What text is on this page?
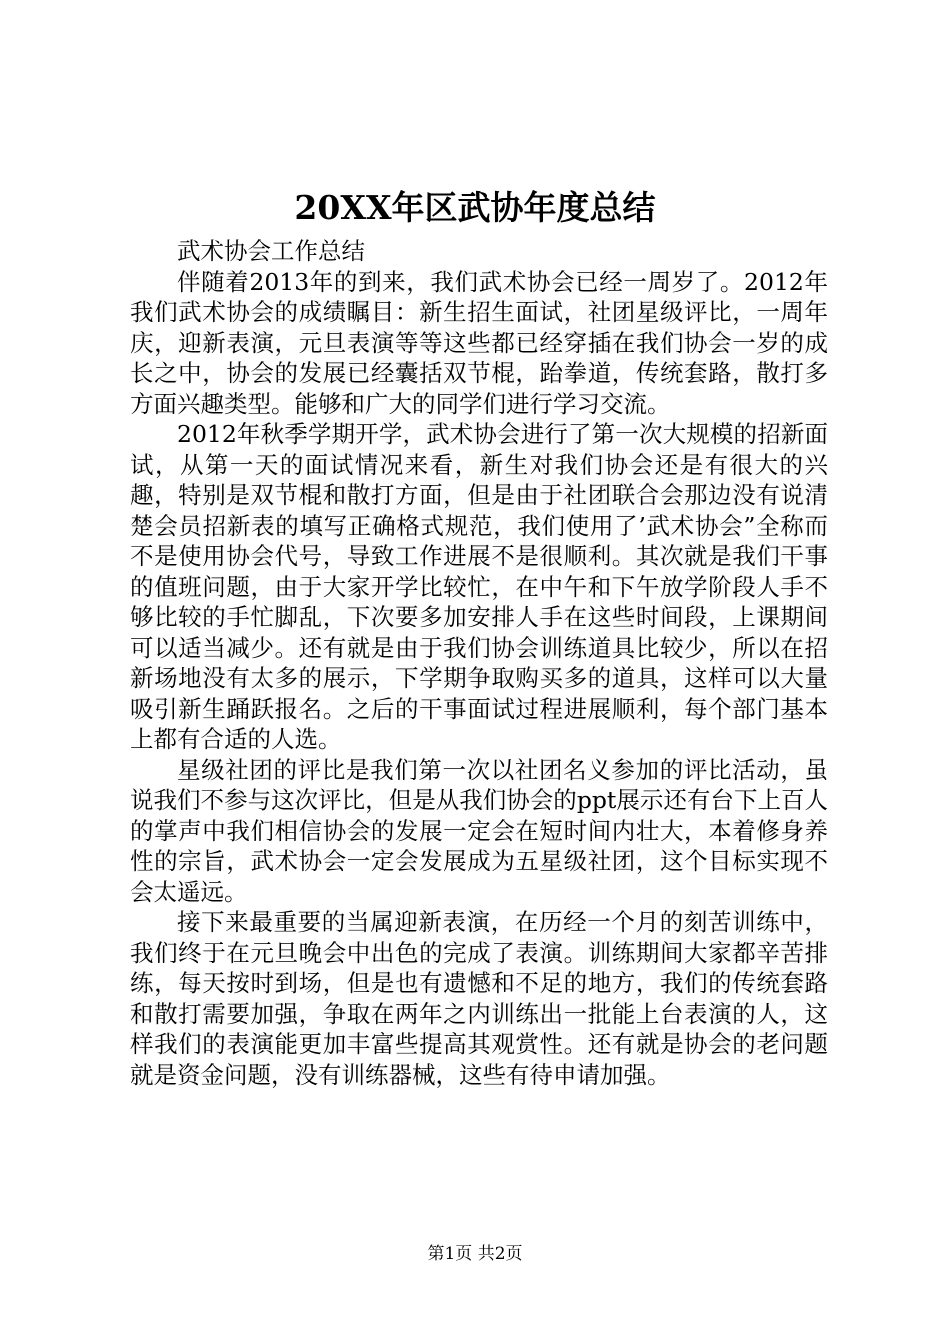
20XX年区武协年度总结

武术协会工作总结

伴随着2013年的到来，我们武术协会已经一周岁了。2012年我们武术协会的成绩瞩目：新生招生面试，社团星级评比，一周年庆，迎新表演，元旦表演等等这些都已经穿插在我们协会一岁的成长之中，协会的发展已经囊括双节棍，跆拳道，传统套路，散打多方面兴趣类型。能够和广大的同学们进行学习交流。

2012年秋季学期开学，武术协会进行了第一次大规模的招新面试，从第一天的面试情况来看，新生对我们协会还是有很大的兴趣，特别是双节棍和散打方面，但是由于社团联合会那边没有说清楚会员招新表的填写正确格式规范，我们使用了’武术协会”全称而不是使用协会代号，导致工作进展不是很顺利。其次就是我们干事的值班问题，由于大家开学比较忙，在中午和下午放学阶段人手不够比较的手忙脚乱，下次要多加安排人手在这些时间段，上课期间可以适当减少。还有就是由于我们协会训练道具比较少，所以在招新场地没有太多的展示，下学期争取购买多的道具，这样可以大量吸引新生踊跃报名。之后的干事面试过程进展顺利，每个部门基本上都有合适的人选。

星级社团的评比是我们第一次以社团名义参加的评比活动，虽说我们不参与这次评比，但是从我们协会的ppt展示还有台下上百人的掌声中我们相信协会的发展一定会在短时间内壮大，本着修身养性的宗旨，武术协会一定会发展成为五星级社团，这个目标实现不会太遥远。

接下来最重要的当属迎新表演，在历经一个月的刻苦训练中，我们终于在元旦晚会中出色的完成了表演。训练期间大家都辛苦排练，每天按时到场，但是也有遗憾和不足的地方，我们的传统套路和散打需要加强，争取在两年之内训练出一批能上台表演的人，这样我们的表演能更加丰富些提高其观赏性。还有就是协会的老问题就是资金问题，没有训练器械，这些有待申请加强。

第1页 共2页
